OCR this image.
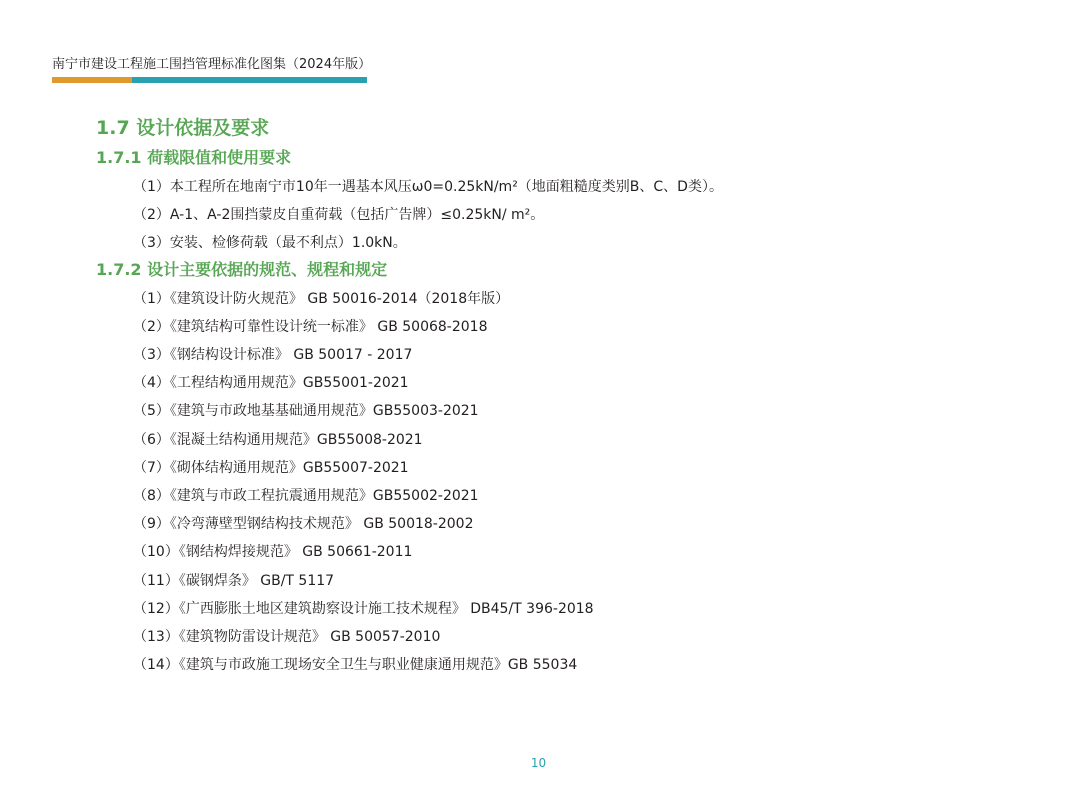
南宁市建设工程施工围挡管理标准化图集（2024年版）
1.7 设计依据及要求
1.7.1 荷载限值和使用要求
（1）本工程所在地南宁市10年一遇基本风压ω0=0.25kN/m²（地面粗糙度类别B、C、D类）。
（2）A-1、A-2围挡蒙皮自重荷载（包括广告牌）≤0.25kN/ m²。
（3）安装、检修荷载（最不利点）1.0kN。
1.7.2 设计主要依据的规范、规程和规定
（1）《建筑设计防火规范》 GB 50016-2014（2018年版）
（2）《建筑结构可靠性设计统一标准》 GB 50068-2018
（3）《钢结构设计标准》 GB 50017 - 2017
（4）《工程结构通用规范》GB55001-2021
（5）《建筑与市政地基基础通用规范》GB55003-2021
（6）《混凝土结构通用规范》GB55008-2021
（7）《砌体结构通用规范》GB55007-2021
（8）《建筑与市政工程抗震通用规范》GB55002-2021
（9）《冷弯薄壁型钢结构技术规范》 GB 50018-2002
（10）《钢结构焊接规范》 GB 50661-2011
（11）《碳钢焊条》 GB/T 5117
（12）《广西膨胀土地区建筑勘察设计施工技术规程》 DB45/T 396-2018
（13）《建筑物防雷设计规范》 GB 50057-2010
（14）《建筑与市政施工现场安全卫生与职业健康通用规范》GB 55034
10
